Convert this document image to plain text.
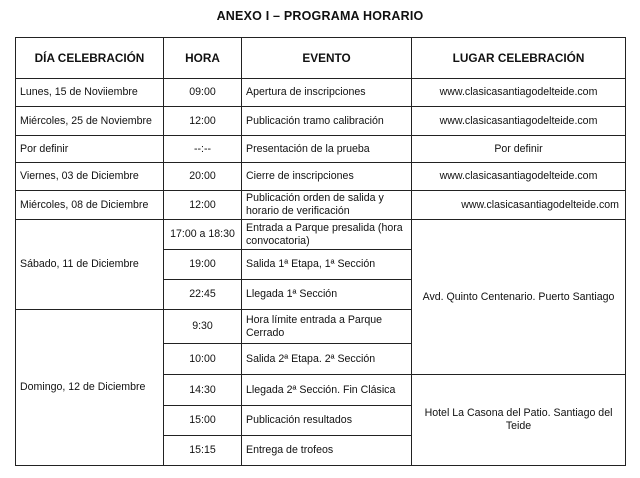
ANEXO I – PROGRAMA HORARIO
DÍA CELEBRACIÓN	HORA	EVENTO	LUGAR CELEBRACIÓN
Lunes, 15 de Noviiembre	09:00	Apertura de inscripciones	www.clasicasantiagodelteide.com
Miércoles, 25 de Noviembre	12:00	Publicación tramo calibración	www.clasicasantiagodelteide.com
Por definir	--:--	Presentación de la prueba	Por definir
Viernes, 03 de Diciembre	20:00	Cierre de inscripciones	www.clasicasantiagodelteide.com
Miércoles, 08 de Diciembre	12:00	Publicación orden de salida y horario de verificación	www.clasicasantiagodelteide.com
Sábado, 11 de Diciembre	17:00 a 18:30	Entrada a Parque presalida (hora convocatoria)	Avd. Quinto Centenario. Puerto Santiago
	19:00	Salida 1ª Etapa, 1ª Sección	
	22:45	Llegada 1ª Sección	
Domingo, 12 de Diciembre	9:30	Hora límite entrada a Parque Cerrado	
	10:00	Salida 2ª Etapa. 2ª Sección	
	14:30	Llegada 2ª Sección. Fin Clásica	Hotel La Casona del Patio. Santiago del Teide
	15:00	Publicación resultados	
	15:15	Entrega de trofeos	
